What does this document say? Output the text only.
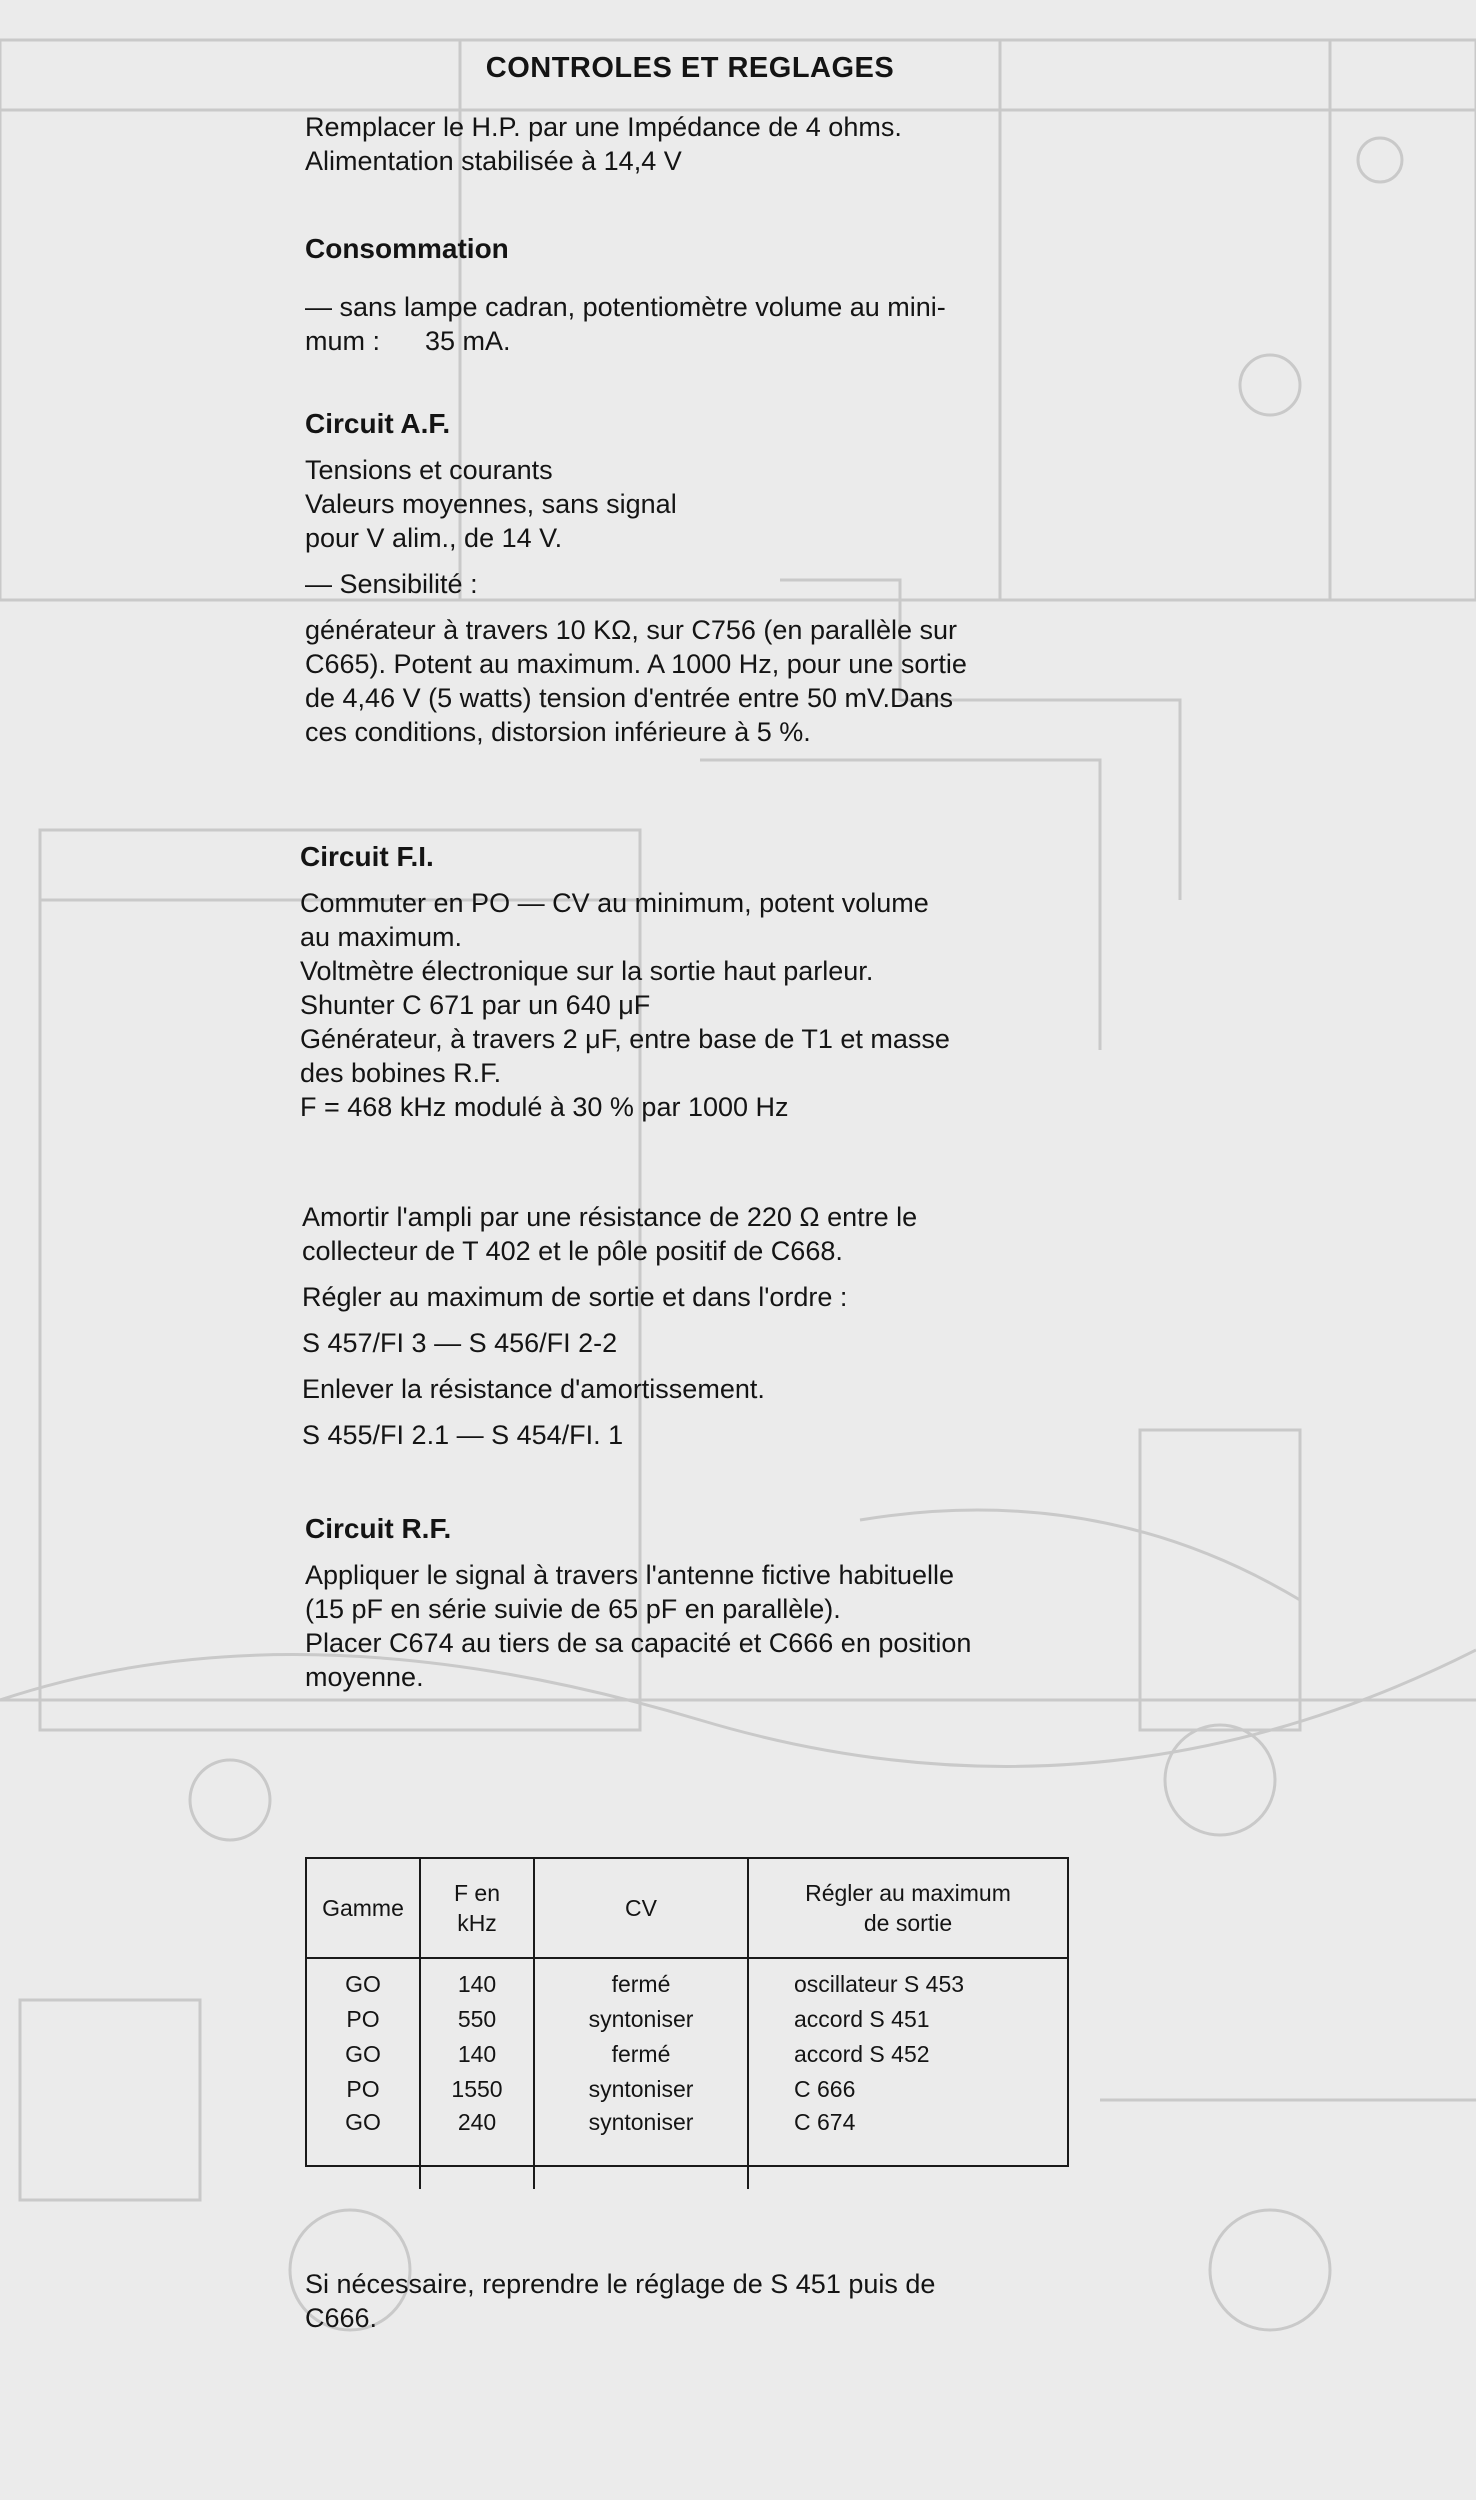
CONTROLES ET REGLAGES

Remplacer le H.P. par une Impédance de 4 ohms.

Alimentation stabilisée à 14,4 V

Consommation

— sans lampe cadran, potentiomètre volume au mini-

mum :      35 mA.

Circuit A.F.

Tensions et courants

Valeurs moyennes, sans signal

pour V alim., de 14 V.

— Sensibilité :

générateur à travers 10 KΩ, sur C756 (en parallèle sur

C665). Potent au maximum. A 1000 Hz, pour une sortie

de 4,46 V (5 watts) tension d'entrée entre 50 mV.Dans

ces conditions, distorsion inférieure à 5 %.

Circuit F.I.

Commuter en PO — CV au minimum, potent volume

au maximum.

Voltmètre électronique sur la sortie haut parleur.

Shunter C 671 par un 640 μF

Générateur, à travers 2 μF, entre base de T1 et masse

des bobines R.F.

F = 468 kHz modulé à 30 % par 1000 Hz

Amortir l'ampli par une résistance de 220 Ω entre le

collecteur de T 402 et le pôle positif de C668.

Régler au maximum de sortie et dans l'ordre :

S 457/FI 3 — S 456/FI 2-2

Enlever la résistance d'amortissement.

S 455/FI 2.1 — S 454/FI. 1

Circuit R.F.

Appliquer le signal à travers l'antenne fictive habituelle

(15 pF en série suivie de 65 pF en parallèle).

Placer C674 au tiers de sa capacité et C666 en position

moyenne.

Gamme	F en
kHz	CV	Régler au maximum
de sortie
GO	140	fermé	oscillateur S 453
PO	550	syntoniser	accord S 451
GO	140	fermé	accord S 452
PO	1550	syntoniser	C 666
GO	240	syntoniser	C 674

Si nécessaire, reprendre le réglage de S 451 puis de

C666.
